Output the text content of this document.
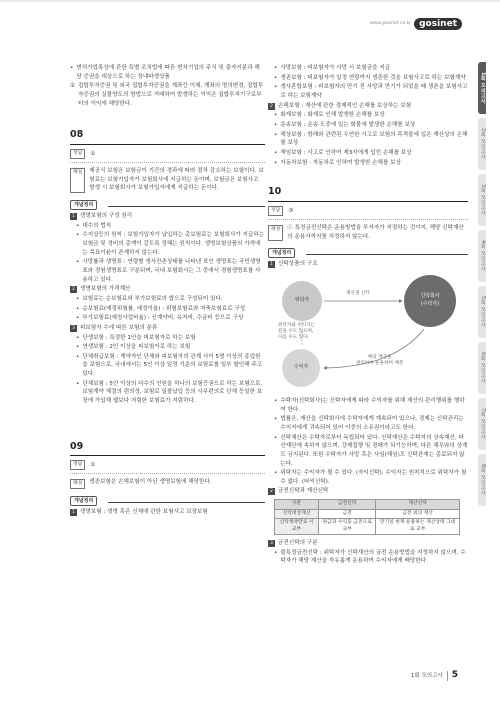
www.gosinet.co.kr gosinet
• 변처가업록상에 관한 특별 조치법에 따른 변처기업의 주식 및 출자지분과 해당 증권을 대상으로 하는 장내파생상품
② 집합투자증권 및 외국 집합투자증권을 계좌간 이체, 계좌의 명의변경, 집합투자증권의 실물양도의 방법으로 거래하여 발생하는 이익은 집합투자기구로부터의 이익에 해당한다.
08
정답	①
해설	제공식 보험은 보험금이 기간의 경과에 따라 점차 감소하는 보험이다. 보험료는 보험가입자가 보험회사에 지급하는 돈이며, 보험금은 보험사고 발생 시 보험회사가 보험가입자에게 지급하는 돈이다.
개념정리
1 생명보험의 구성 원리
• 대수의 법칙
• 수지상등의 원칙 : 보험가입자가 납입하는 총보험료는 보험회사가 지급하는 보험금 및 경비의 총액이 같도록 정해는 원칙이다. 생명보험상품의 가격에는 목표이윤이 존재하지 않는다.
• 사망률과 생명표 : 연령별 생사잔존상태를 나타낸 표인 생명표는 국민생명표와 경험생명표로 구분되며, 국내 보험회사는 그 중에서 경험생명표를 사용하고 있다.
2 생명보험의 가격계산
• 보험료는 순보험료와 부가보험료의 합으로 구성되어 있다.
• 순보험료(예정위험률, 예정이율) : 위험보험료와 저축보험료로 구성
• 부가보험료(예정사업비율) : 신계약비, 유지비, 수금비 등으로 구성
3 피보험자 수에 따른 보험의 분류
• 단생보험 : 특정한 1인을 피보험자로 하는 보험
• 연생보험 : 2인 이상을 피보험자로 하는 보험
• 단체취급보험 : 계약자인 단체와 피보험자의 관계 사이 5명 이상의 종업원을 보험으로, 국내에서는 5인 이상 일정 기준의 보험료를 일부 할인해 주고 있다.
• 단체보험 : 5인 이상의 다수의 인원을 하나의 보험증권으로 하는 보험으로, 보험계약 체결의 편의성, 보험료 일괄납입 등의 사무편의로 단체 등일한 보장에 가입해 웹보다 저렴한 보험료가 저렴하다.
09
정답	①
해설	생존보험은 손해보험이 아닌 생명보험에 해당한다.
개념정리
1 생명보험 : 생명 혹은 신체에 관한 보험사고 보장보험
• 사망보험 : 피보험자가 사망 시 보험금을 지급
• 생존보험 : 피보험자가 일정 연령까지 생존한 것을 보험사고로 하는 보험계약
• 생사혼합보험 : 피보험자의 만기 전 사망과 만기가 되었을 때 생존을 보험사고로 하는 보험계약
2 손해보험 : 재산에 관한 경제적인 손해를 보상하는 보험
• 화재보험 : 화재로 인해 발생한 손해를 보상
• 운송보험 : 운송 도중에 있는 화물에 발생한 손해를 보상
• 해상보험 : 항해와 관련된 우연한 사고로 보험의 목적물에 입은 재산상의 손해를 보상
• 책임보험 : 사고로 인하여 제3자에게 입힌 손해를 보상
• 자동차보험 : 자동차로 인하여 발생한 손해를 보상
10
정답	③
해설	ⓒ 특정금전신탁은 운용방법을 투자자가 지정하는 것이지, 해당 신탁재산의 운용자까지를 지정하지 않는다.
개념정리
1 신탁상품의 구조
위탁자
신탁회사
(수탁자)
수익자
재산권 신탁
위탁자와 수익자는
같을 수도 있으며,
다를 수도 있다.
배당 재산을
관리하여 운용하여 배분
• 수탁자(신탁회사)는 신탁자에게 따라 수익자를 위해 재산의 관리행위를 행하여 한다.
• 법률은, 재산을 신탁회사에 수탁자에게 계속되어 있으나, 경제는 신탁관리는 수익자에게 귀속되어 있어 이중의 소유권이라고도 한다.
• 신탁재산은 수탁자로부터 독립되어 있다. 신탁재산은 수탁자의 상속재산, 파산재단에 속하지 않으며, 강제집행 및 경매가 되기능하며, 다른 채무와의 상계도 금지된다. 또한 수탁자가 사망 혹은 사임(해임)도 신탁관계는 종료되지 않는다.
• 위탁자는 수익자가 될 수 있다. (자익신탁). 수익자는 원칙적으로 위탁자가 될 수 없다. (타익신탁).
2 금전신탁과 재산신탁
구분	금전신탁	재산신탁
신탁대상재산	금전	금전 외의 재산
신탁계약만료 시 교부	원금과 수익을 금전으로 교부	만기일 현재 운용하는 재산상태 그대로 교부
3 금전신탁의 구분
• 불특정금전신탁 : 위탁자가 신탁재산의 금전 운용방법을 지정하지 않으며, 수탁자가 해당 재산을 자유롭게 운용하여 수익자에게 배당한다.
1회 모의고사
2회 모의고사
3회 모의고사
4회 모의고사
5회 모의고사
6회 모의고사
7회 모의고사
8회 모의고사
1회 모의고사 5
